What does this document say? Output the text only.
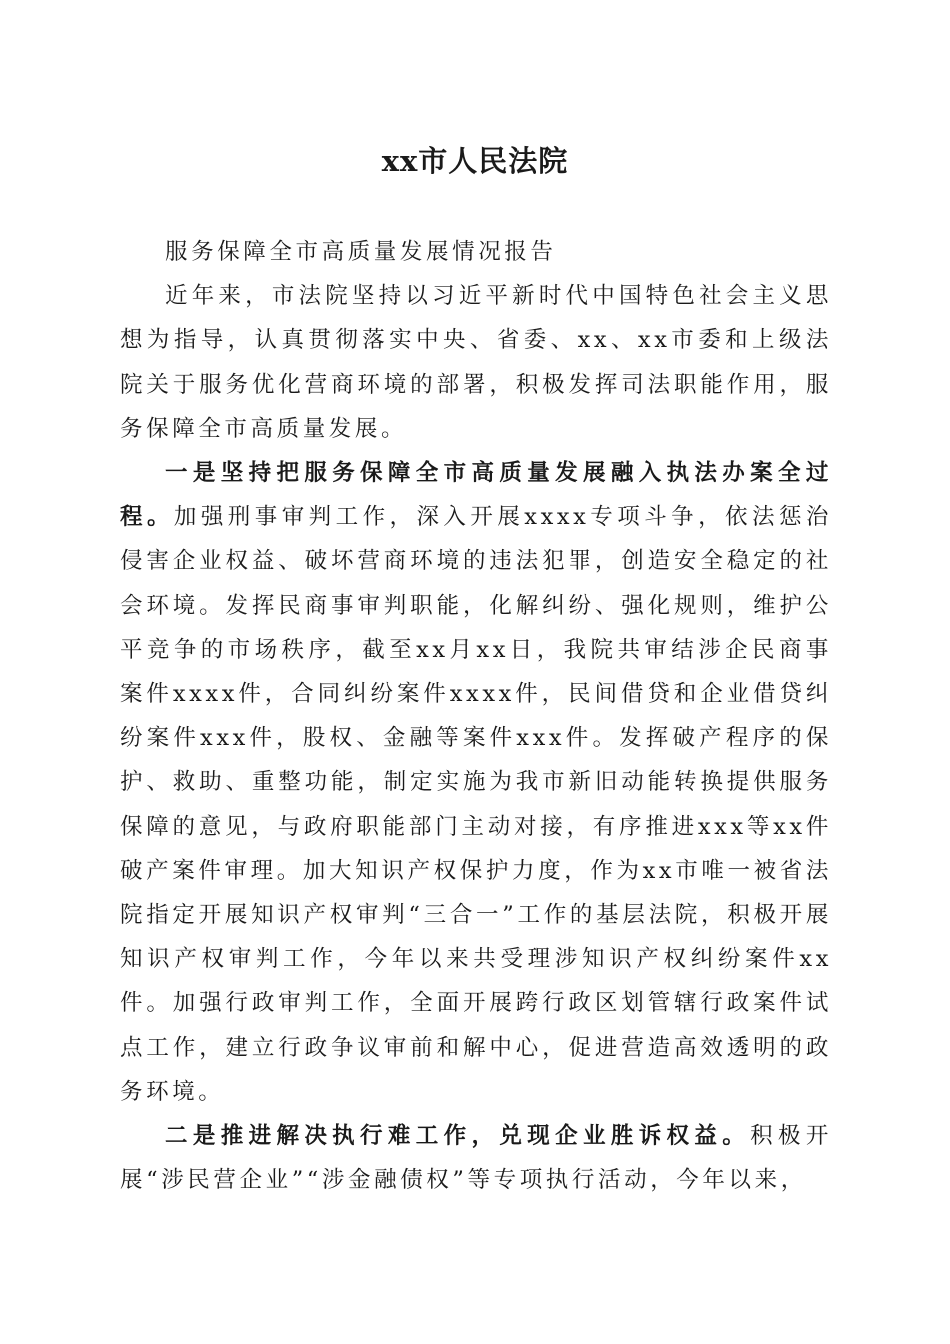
xx市人民法院

服务保障全市高质量发展情况报告

近年来，市法院坚持以习近平新时代中国特色社会主义思想为指导，认真贯彻落实中央、省委、xx、xx市委和上级法院关于服务优化营商环境的部署，积极发挥司法职能作用，服务保障全市高质量发展。

一是坚持把服务保障全市高质量发展融入执法办案全过程。加强刑事审判工作，深入开展xxxx专项斗争，依法惩治侵害企业权益、破坏营商环境的违法犯罪，创造安全稳定的社会环境。发挥民商事审判职能，化解纠纷、强化规则，维护公平竞争的市场秩序，截至xx月xx日，我院共审结涉企民商事案件xxxx件，合同纠纷案件xxxx件，民间借贷和企业借贷纠纷案件xxx件，股权、金融等案件xxx件。发挥破产程序的保护、救助、重整功能，制定实施为我市新旧动能转换提供服务保障的意见，与政府职能部门主动对接，有序推进xxx等xx件破产案件审理。加大知识产权保护力度，作为xx市唯一被省法院指定开展知识产权审判“三合一”工作的基层法院，积极开展知识产权审判工作，今年以来共受理涉知识产权纠纷案件xx件。加强行政审判工作，全面开展跨行政区划管辖行政案件试点工作，建立行政争议审前和解中心，促进营造高效透明的政务环境。

二是推进解决执行难工作，兑现企业胜诉权益。积极开展“涉民营企业”“涉金融债权”等专项执行活动，今年以来，
